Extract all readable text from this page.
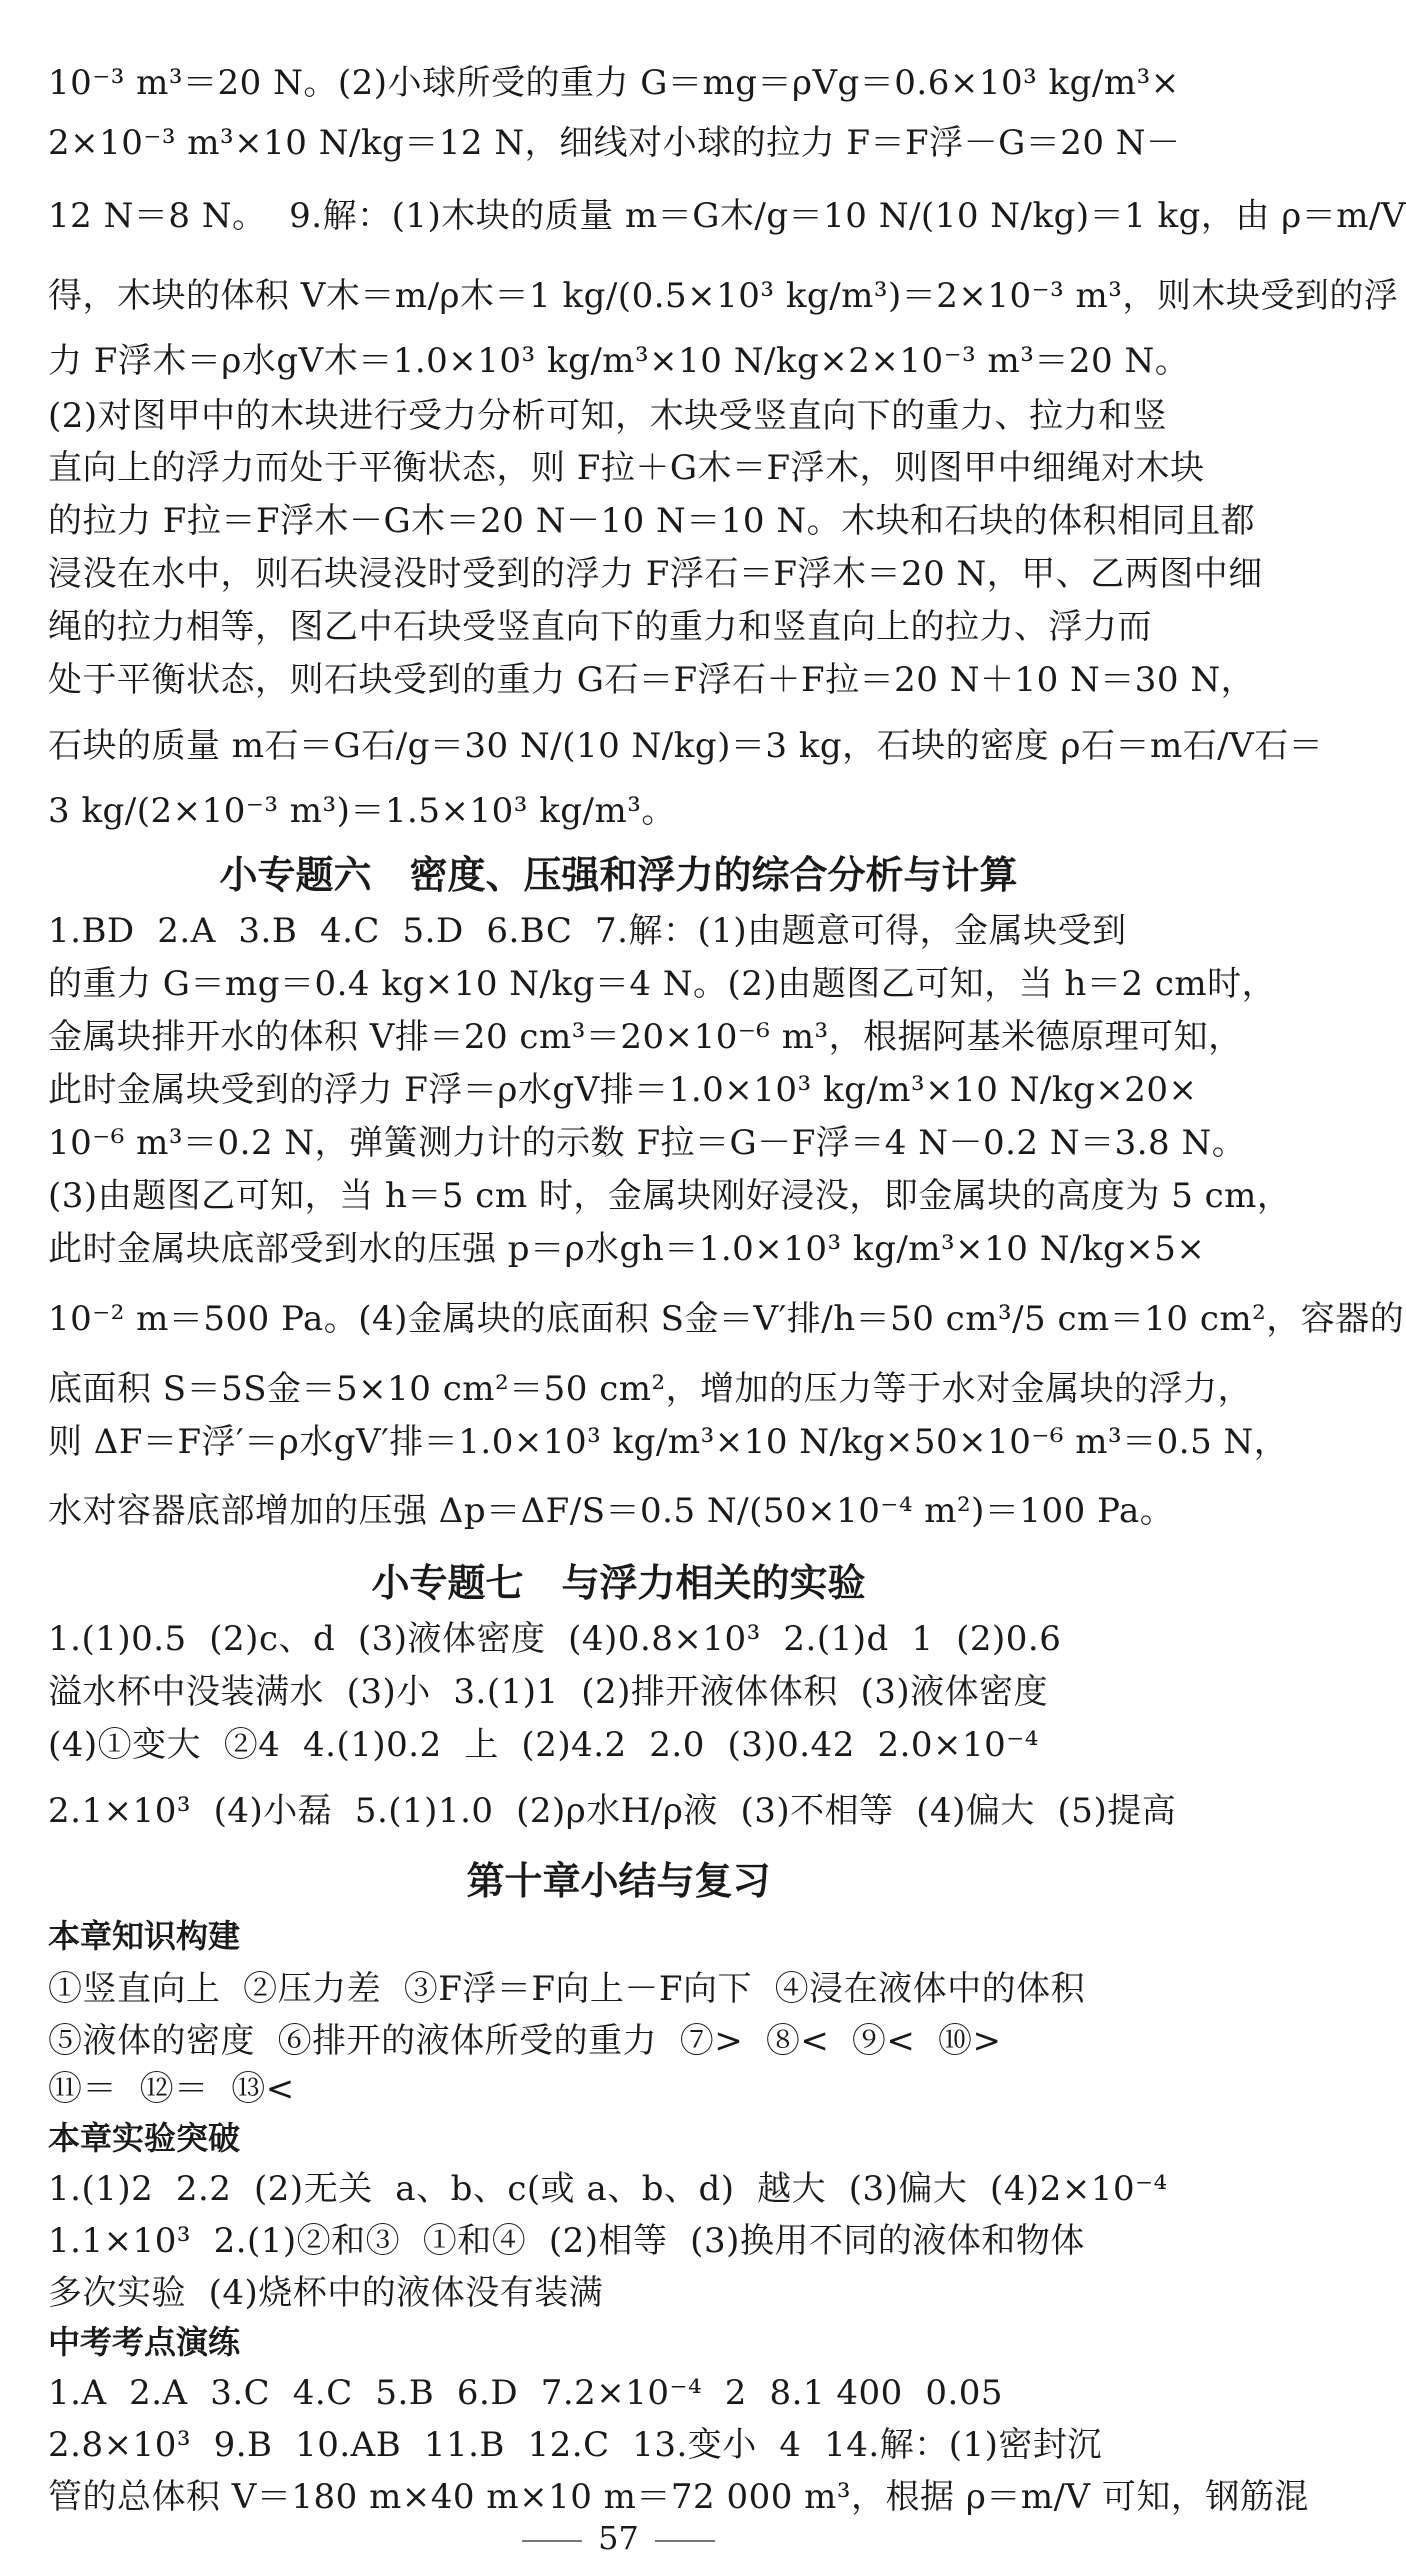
10⁻³ m³＝20 N。(2)小球所受的重力 G＝mg＝ρVg＝0.6×10³ kg/m³×
2×10⁻³ m³×10 N/kg＝12 N，细线对小球的拉力 F＝F浮－G＝20 N－
12 N＝8 N。  9.解：(1)木块的质量 m＝G木/g＝10 N/(10 N/kg)＝1 kg，由 ρ＝m/V
得，木块的体积 V木＝m/ρ木＝1 kg/(0.5×10³ kg/m³)＝2×10⁻³ m³，则木块受到的浮
力 F浮木＝ρ水gV木＝1.0×10³ kg/m³×10 N/kg×2×10⁻³ m³＝20 N。
(2)对图甲中的木块进行受力分析可知，木块受竖直向下的重力、拉力和竖
直向上的浮力而处于平衡状态，则 F拉＋G木＝F浮木，则图甲中细绳对木块
的拉力 F拉＝F浮木－G木＝20 N－10 N＝10 N。木块和石块的体积相同且都
浸没在水中，则石块浸没时受到的浮力 F浮石＝F浮木＝20 N，甲、乙两图中细
绳的拉力相等，图乙中石块受竖直向下的重力和竖直向上的拉力、浮力而
处于平衡状态，则石块受到的重力 G石＝F浮石＋F拉＝20 N＋10 N＝30 N，
石块的质量 m石＝G石/g＝30 N/(10 N/kg)＝3 kg，石块的密度 ρ石＝m石/V石＝
3 kg/(2×10⁻³ m³)＝1.5×10³ kg/m³。
小专题六　密度、压强和浮力的综合分析与计算
1.BD  2.A  3.B  4.C  5.D  6.BC  7.解：(1)由题意可得，金属块受到
的重力 G＝mg＝0.4 kg×10 N/kg＝4 N。(2)由题图乙可知，当 h＝2 cm时，
金属块排开水的体积 V排＝20 cm³＝20×10⁻⁶ m³，根据阿基米德原理可知，
此时金属块受到的浮力 F浮＝ρ水gV排＝1.0×10³ kg/m³×10 N/kg×20×
10⁻⁶ m³＝0.2 N，弹簧测力计的示数 F拉＝G－F浮＝4 N－0.2 N＝3.8 N。
(3)由题图乙可知，当 h＝5 cm 时，金属块刚好浸没，即金属块的高度为 5 cm，
此时金属块底部受到水的压强 p＝ρ水gh＝1.0×10³ kg/m³×10 N/kg×5×
10⁻² m＝500 Pa。(4)金属块的底面积 S金＝V′排/h＝50 cm³/5 cm＝10 cm²，容器的
底面积 S＝5S金＝5×10 cm²＝50 cm²，增加的压力等于水对金属块的浮力，
则 ΔF＝F浮′＝ρ水gV′排＝1.0×10³ kg/m³×10 N/kg×50×10⁻⁶ m³＝0.5 N，
水对容器底部增加的压强 Δp＝ΔF/S＝0.5 N/(50×10⁻⁴ m²)＝100 Pa。
小专题七　与浮力相关的实验
1.(1)0.5  (2)c、d  (3)液体密度  (4)0.8×10³  2.(1)d  1  (2)0.6
溢水杯中没装满水  (3)小  3.(1)1  (2)排开液体体积  (3)液体密度
(4)①变大  ②4  4.(1)0.2  上  (2)4.2  2.0  (3)0.42  2.0×10⁻⁴
2.1×10³  (4)小磊  5.(1)1.0  (2)ρ水H/ρ液  (3)不相等  (4)偏大  (5)提高
第十章小结与复习
本章知识构建
①竖直向上  ②压力差  ③F浮＝F向上－F向下  ④浸在液体中的体积
⑤液体的密度  ⑥排开的液体所受的重力  ⑦>  ⑧<  ⑨<  ⑩>
⑪＝  ⑫＝  ⑬<
本章实验突破
1.(1)2  2.2  (2)无关  a、b、c(或 a、b、d)  越大  (3)偏大  (4)2×10⁻⁴
1.1×10³  2.(1)②和③  ①和④  (2)相等  (3)换用不同的液体和物体
多次实验  (4)烧杯中的液体没有装满
中考考点演练
1.A  2.A  3.C  4.C  5.B  6.D  7.2×10⁻⁴  2  8.1 400  0.05
2.8×10³  9.B  10.AB  11.B  12.C  13.变小  4  14.解：(1)密封沉
管的总体积 V＝180 m×40 m×10 m＝72 000 m³，根据 ρ＝m/V 可知，钢筋混
57
